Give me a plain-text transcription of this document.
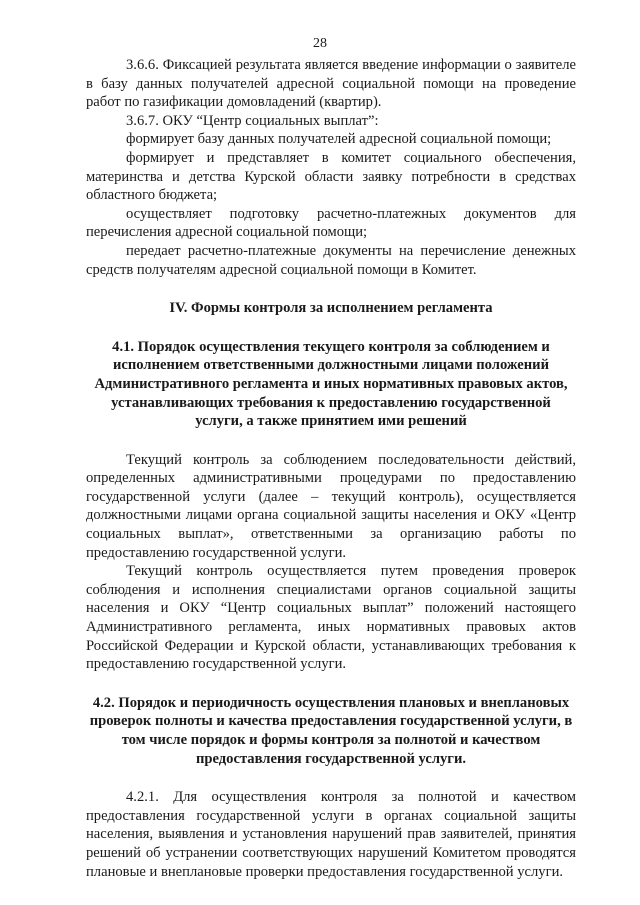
28

3.6.6. Фиксацией результата является введение информации о заявителе в базу данных получателей адресной социальной помощи на проведение работ по газификации домовладений (квартир).

3.6.7. ОКУ “Центр социальных выплат”:

формирует базу данных получателей адресной социальной помощи;

формирует и представляет в комитет социального обеспечения, материнства и детства Курской области заявку потребности в средствах областного бюджета;

осуществляет подготовку расчетно-платежных документов для перечисления адресной социальной помощи;

передает расчетно-платежные документы на перечисление денежных средств получателям адресной социальной помощи в Комитет.

IV. Формы контроля за исполнением регламента
4.1. Порядок осуществления текущего контроля за соблюдением и исполнением ответственными должностными лицами положений Административного регламента и иных нормативных правовых актов, устанавливающих требования к предоставлению государственной услуги, а также принятием ими решений

Текущий контроль за соблюдением последовательности действий, определенных административными процедурами по предоставлению государственной услуги (далее – текущий контроль), осуществляется должностными лицами органа социальной защиты населения и ОКУ «Центр социальных выплат», ответственными за организацию работы по предоставлению государственной услуги.

Текущий контроль осуществляется путем проведения проверок соблюдения и исполнения специалистами органов социальной защиты населения и ОКУ “Центр социальных выплат” положений настоящего Административного регламента, иных нормативных правовых актов Российской Федерации и Курской области, устанавливающих требования к предоставлению государственной услуги.

4.2. Порядок и периодичность осуществления плановых и внеплановых проверок полноты и качества предоставления государственной услуги, в том числе порядок и формы контроля за полнотой и качеством предоставления государственной услуги.

4.2.1. Для осуществления контроля за полнотой и качеством предоставления государственной услуги в органах социальной защиты населения, выявления и установления нарушений прав заявителей, принятия решений об устранении соответствующих нарушений Комитетом проводятся плановые и внеплановые проверки предоставления государственной услуги.
